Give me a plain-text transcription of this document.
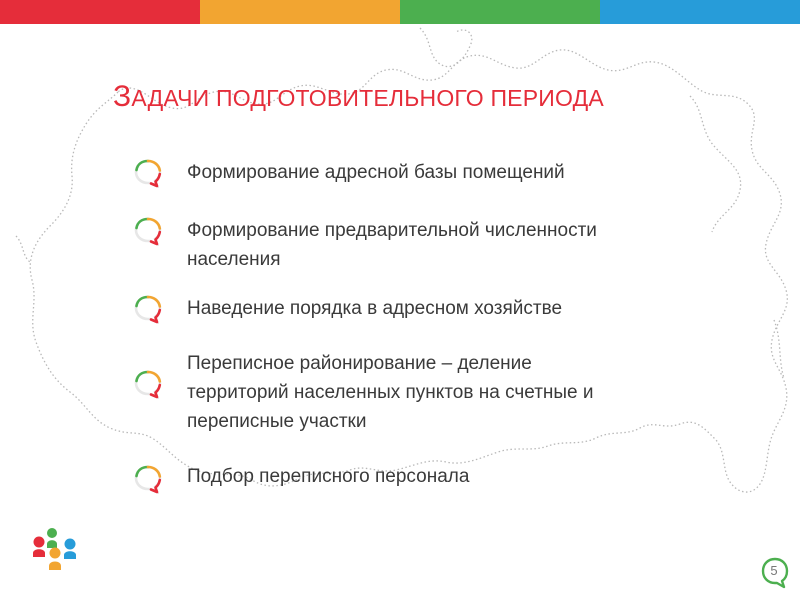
ЗАДАЧИ ПОДГОТОВИТЕЛЬНОГО ПЕРИОДА
Формирование адресной базы помещений
Формирование предварительной численности
населения
Наведение порядка в адресном хозяйстве
Переписное районирование – деление
территорий населенных пунктов на счетные и
переписные участки
Подбор переписного персонала
5
